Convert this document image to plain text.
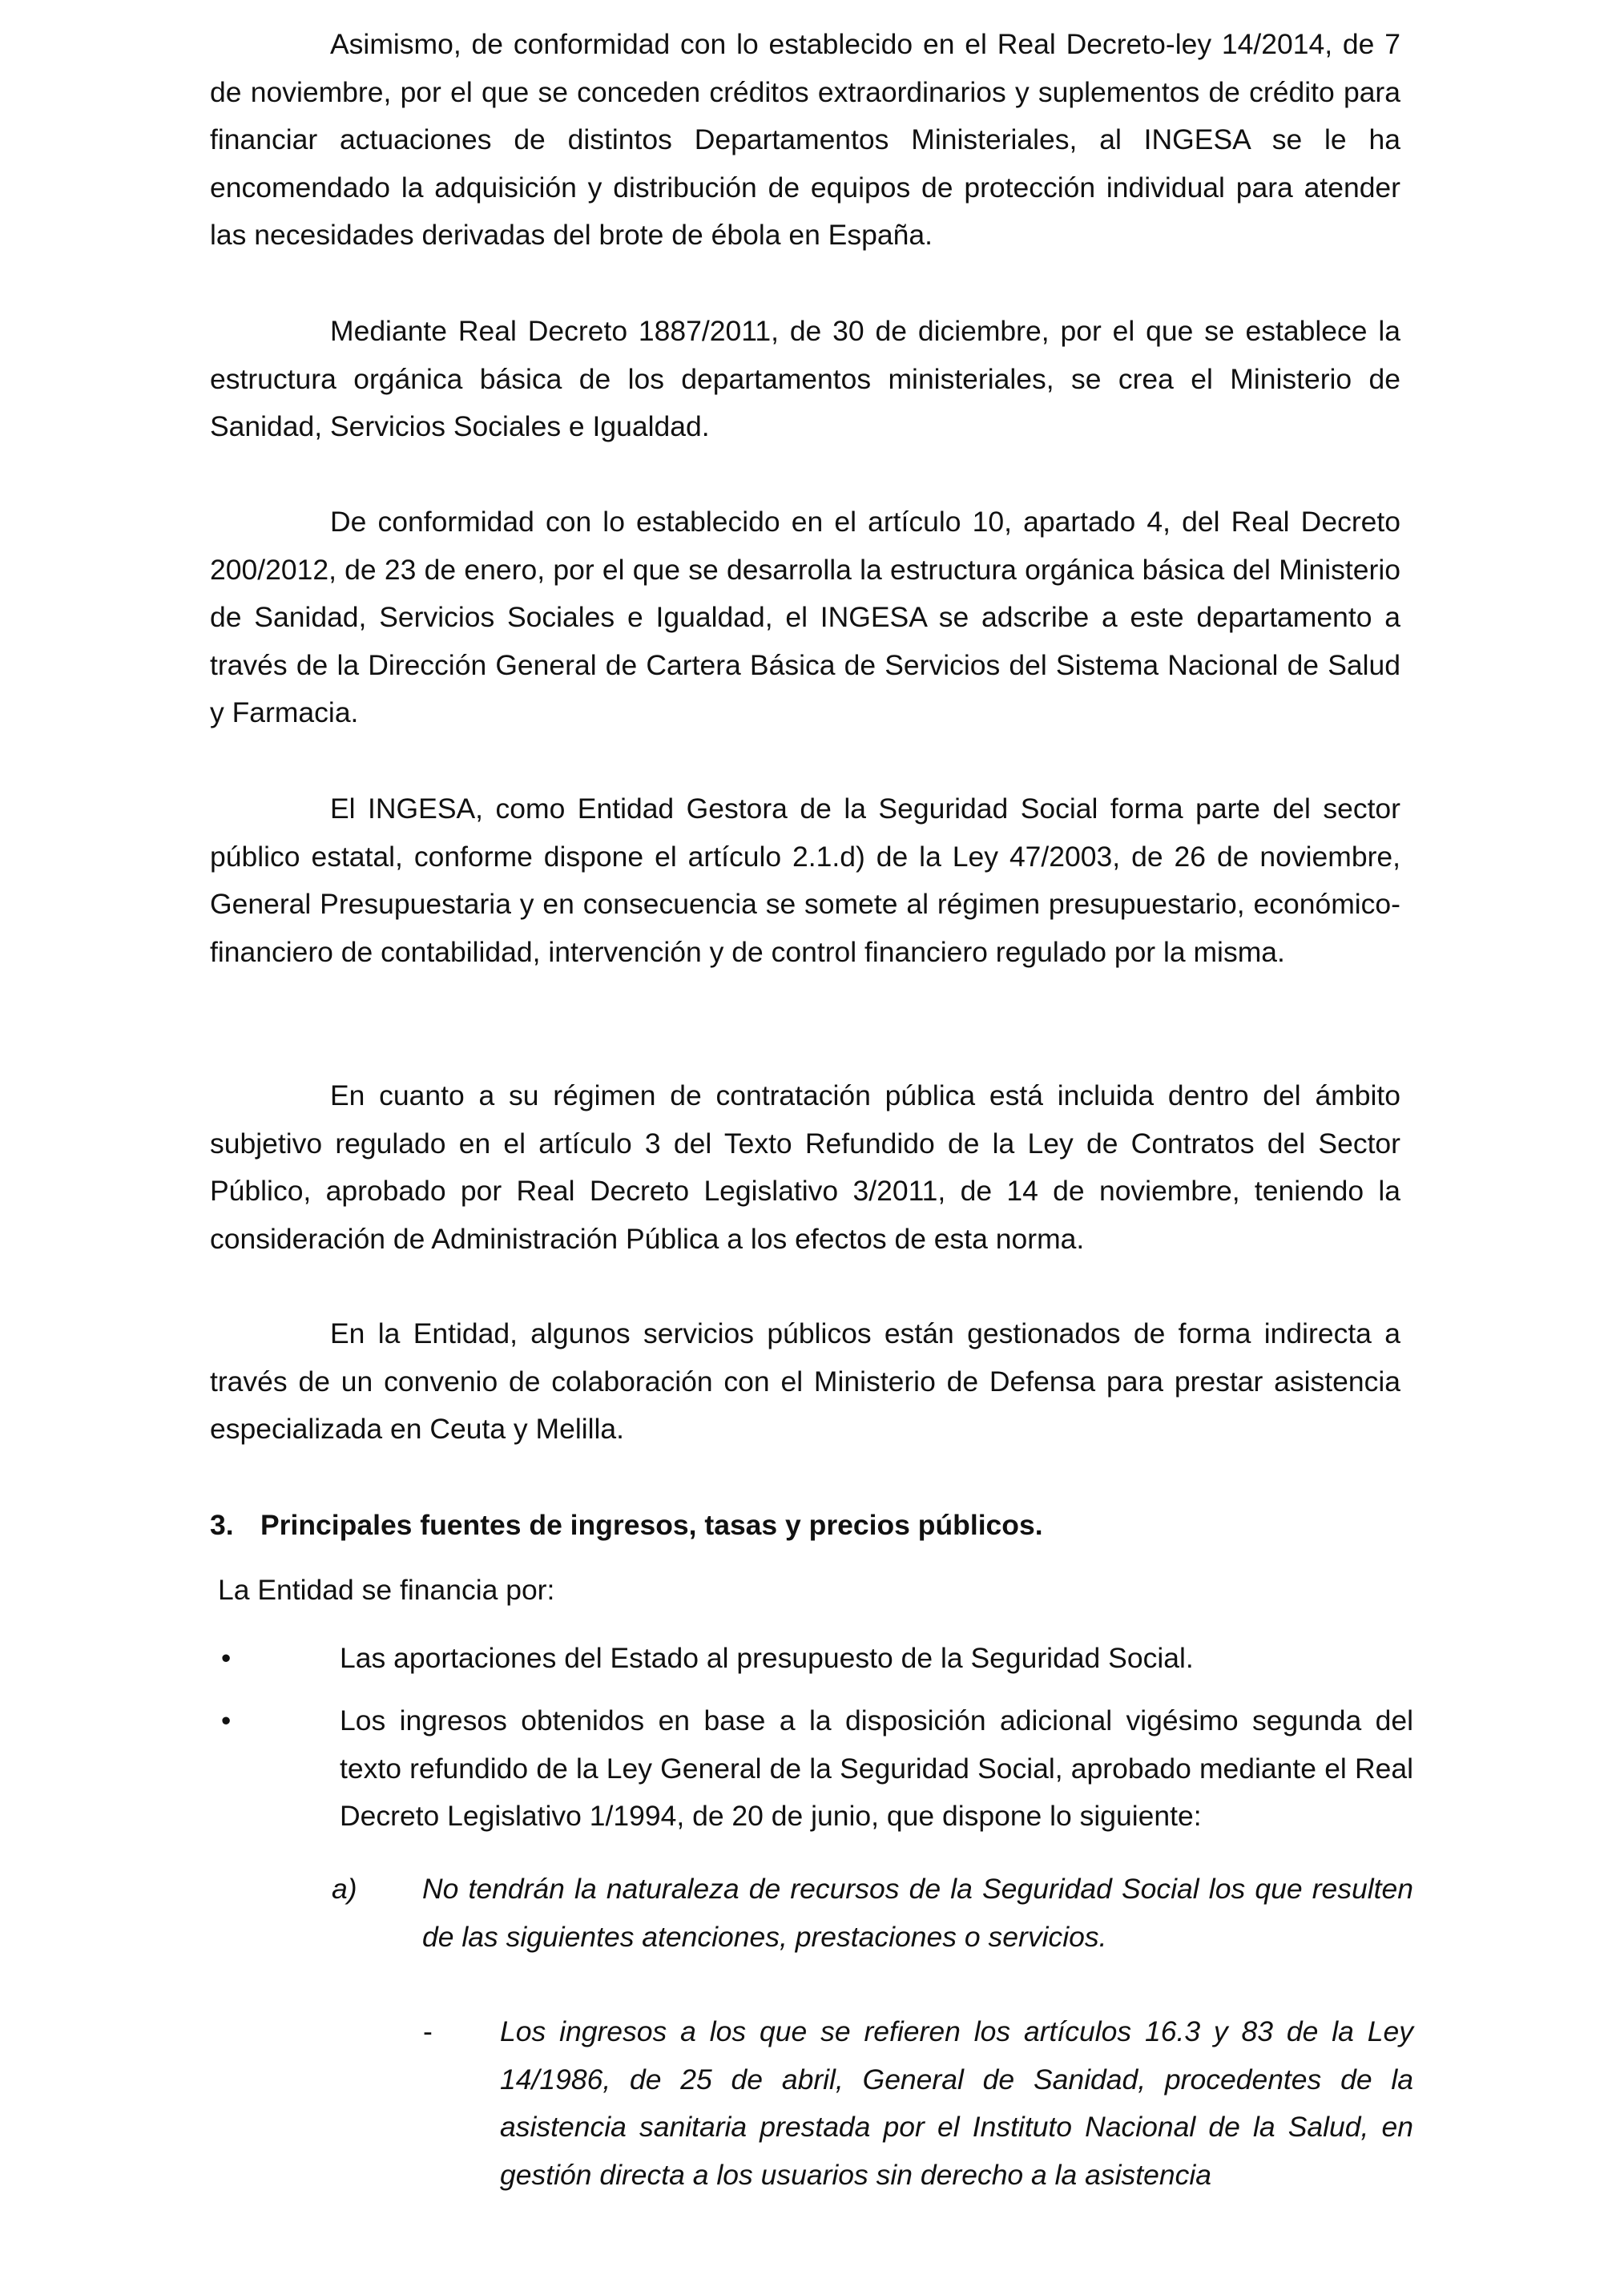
Asimismo, de conformidad con lo establecido en el Real Decreto-ley 14/2014, de 7 de noviembre, por el que se conceden créditos extraordinarios y suplementos de crédito para financiar actuaciones de distintos Departamentos Ministeriales, al INGESA se le ha encomendado la adquisición y distribución de equipos de protección individual para atender las necesidades derivadas del brote de ébola en España.

Mediante Real Decreto 1887/2011, de 30 de diciembre, por el que se establece la estructura orgánica básica de los departamentos ministeriales, se crea el Ministerio de Sanidad, Servicios Sociales e Igualdad.

De conformidad con lo establecido en el artículo 10, apartado 4, del Real Decreto 200/2012, de 23 de enero, por el que se desarrolla la estructura orgánica básica del Ministerio de Sanidad, Servicios Sociales e Igualdad, el INGESA se adscribe a este departamento a través de la Dirección General de Cartera Básica de Servicios del Sistema Nacional de Salud y Farmacia.

El INGESA, como Entidad Gestora de la Seguridad Social forma parte del sector público estatal, conforme dispone el artículo 2.1.d) de la Ley 47/2003, de 26 de noviembre, General Presupuestaria y en consecuencia se somete al régimen presupuestario, económico-financiero de contabilidad, intervención y de control financiero regulado por la misma.

En cuanto a su régimen de contratación pública está incluida dentro del ámbito subjetivo regulado en el artículo 3 del Texto Refundido de la Ley de Contratos del Sector Público, aprobado por Real Decreto Legislativo 3/2011, de 14 de noviembre, teniendo la consideración de Administración Pública a los efectos de esta norma.

En la Entidad, algunos servicios públicos están gestionados de forma indirecta a través de un convenio de colaboración con el Ministerio de Defensa para prestar asistencia especializada en Ceuta y Melilla.

3. Principales fuentes de ingresos, tasas y precios públicos.

La Entidad se financia por:

•	Las aportaciones del Estado al presupuesto de la Seguridad Social.

•	Los ingresos obtenidos en base a la disposición adicional vigésimo segunda del texto refundido de la Ley General de la Seguridad Social, aprobado mediante el Real Decreto Legislativo 1/1994, de 20 de junio, que dispone lo siguiente:

a) No tendrán la naturaleza de recursos de la Seguridad Social los que resulten de las siguientes atenciones, prestaciones o servicios.

- Los ingresos a los que se refieren los artículos 16.3 y 83 de la Ley 14/1986, de 25 de abril, General de Sanidad, procedentes de la asistencia sanitaria prestada por el Instituto Nacional de la Salud, en gestión directa a los usuarios sin derecho a la asistencia
